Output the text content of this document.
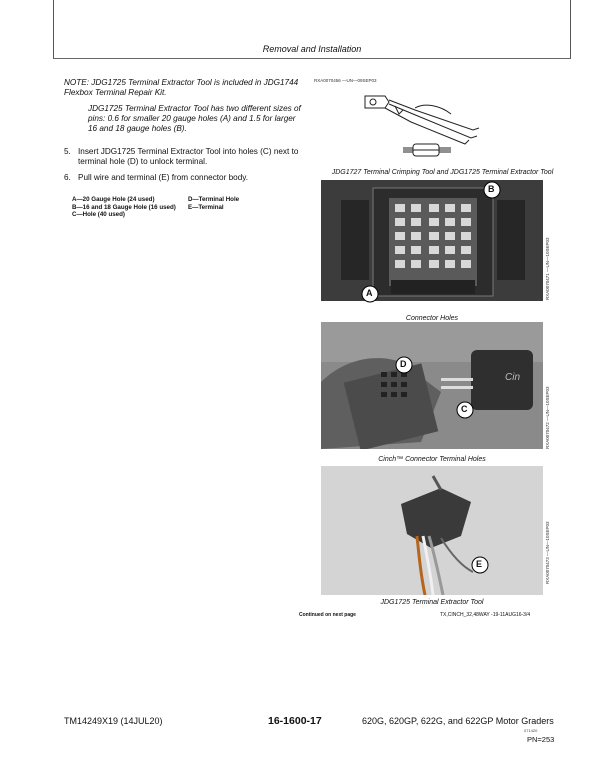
Removal and Installation

NOTE: JDG1725 Terminal Extractor Tool is included in JDG1744 Flexbox Terminal Repair Kit.

JDG1725 Terminal Extractor Tool has two different sizes of pins: 0.6 for smaller 20 gauge holes (A) and 1.5 for larger 16 and 18 gauge holes (B).

5. Insert JDG1725 Terminal Extractor Tool into holes (C) next to terminal hole (D) to unlock terminal.
6. Pull wire and terminal (E) from connector body.
A—20 Gauge Hole (24 used)
B—16 and 18 Gauge Hole (16 used)
C—Hole (40 used)
D—Terminal Hole
E—Terminal
RXA0070456 —UN—09SEP03
JDG1727 Terminal Crimping Tool and JDG1725 Terminal Extractor Tool
A
B
RXA0070471 —UN—10SEP03
Connector Holes
Cin
D
C	RXA0070472 —UN—10SEP03
Cinch™ Connector Terminal Holes
E	RXA0070473 —UN—10SEP03
JDG1725 Terminal Extractor Tool
Continued on next page	TX,CINCH_32,48WAY -19-11AUG16-3/4
TM14249X19 (14JUL20)	16-1600-17	620G, 620GP, 622G, and 622GP Motor Graders
071420
PN=253
